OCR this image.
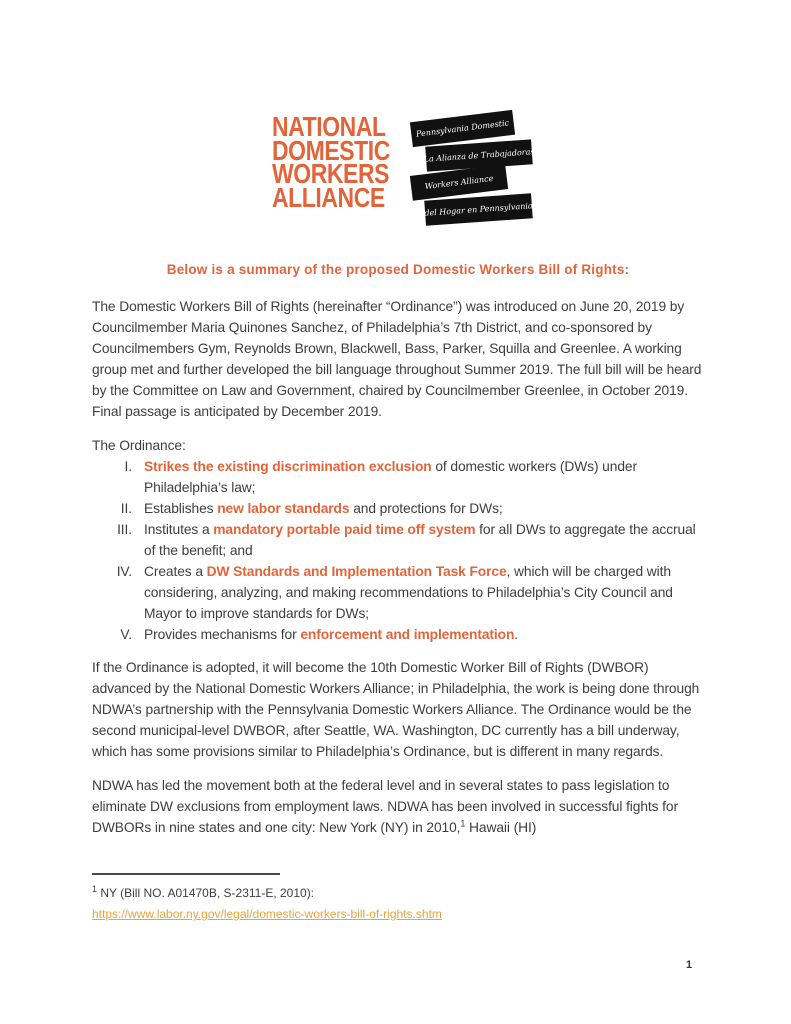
NATIONAL
DOMESTIC
WORKERS
ALLIANCE
Pennsylvania Domestic
La Alianza de Trabajadoras
Workers Alliance
del Hogar en Pennsylvania
Below is a summary of the proposed Domestic Workers Bill of Rights:

The Domestic Workers Bill of Rights (hereinafter “Ordinance”) was introduced on June 20, 2019 by Councilmember Maria Quinones Sanchez, of Philadelphia’s 7th District, and co-sponsored by Councilmembers Gym, Reynolds Brown, Blackwell, Bass, Parker, Squilla and Greenlee. A working group met and further developed the bill language throughout Summer 2019. The full bill will be heard by the Committee on Law and Government, chaired by Councilmember Greenlee, in October 2019. Final passage is anticipated by December 2019.

The Ordinance:
I. Strikes the existing discrimination exclusion of domestic workers (DWs) under Philadelphia’s law;
II. Establishes new labor standards and protections for DWs;
III. Institutes a mandatory portable paid time off system for all DWs to aggregate the accrual of the benefit; and
IV. Creates a DW Standards and Implementation Task Force, which will be charged with considering, analyzing, and making recommendations to Philadelphia’s City Council and Mayor to improve standards for DWs;
V. Provides mechanisms for enforcement and implementation.

If the Ordinance is adopted, it will become the 10th Domestic Worker Bill of Rights (DWBOR) advanced by the National Domestic Workers Alliance; in Philadelphia, the work is being done through NDWA’s partnership with the Pennsylvania Domestic Workers Alliance. The Ordinance would be the second municipal-level DWBOR, after Seattle, WA. Washington, DC currently has a bill underway, which has some provisions similar to Philadelphia’s Ordinance, but is different in many regards.

NDWA has led the movement both at the federal level and in several states to pass legislation to eliminate DW exclusions from employment laws. NDWA has been involved in successful fights for DWBORs in nine states and one city: New York (NY) in 2010,$^1$ Hawaii (HI)

$^1$ NY (Bill NO. A01470B, S-2311-E, 2010):
https://www.labor.ny.gov/legal/domestic-workers-bill-of-rights.shtm
1
